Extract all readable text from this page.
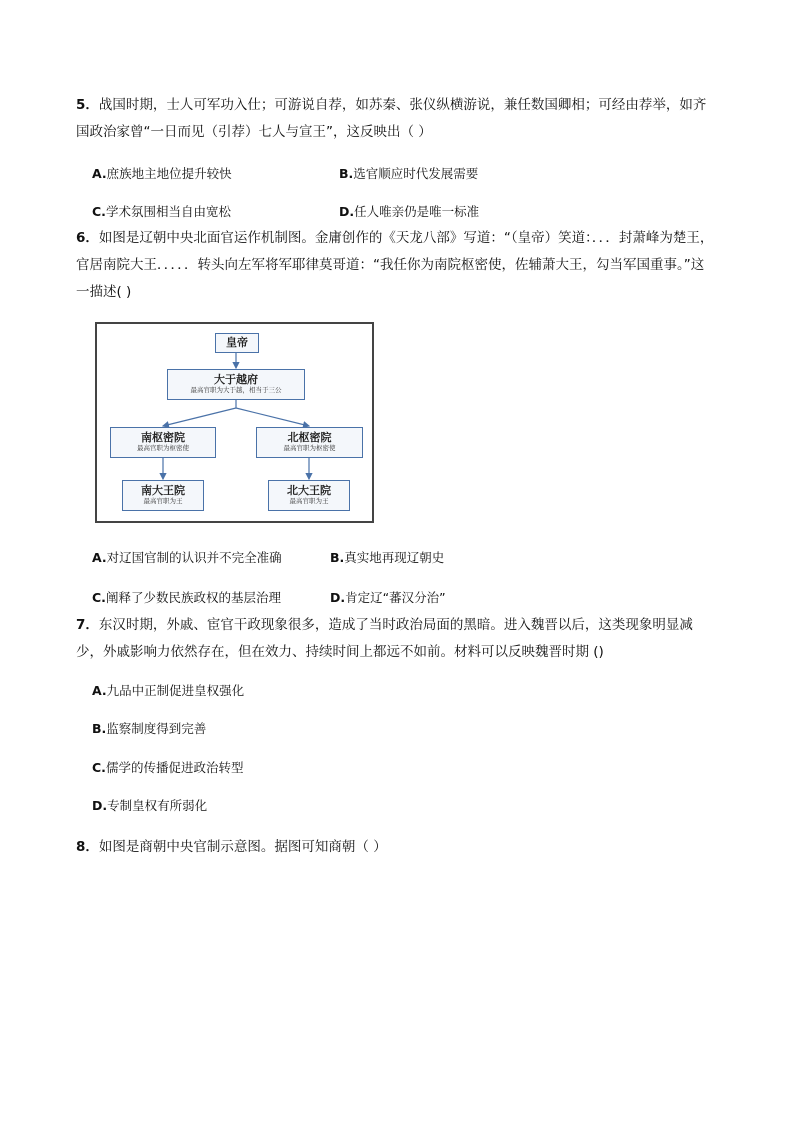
5．战国时期，士人可军功入仕；可游说自荐，如苏秦、张仪纵横游说，兼任数国卿相；可经由荐举，如齐国政治家曾“一日而见（引荐）七人与宣王”，这反映出（ ）
A.庶族地主地位提升较快	B.选官顺应时代发展需要
C.学术氛围相当自由宽松	D.任人唯亲仍是唯一标准
6．如图是辽朝中央北面官运作机制图。金庸创作的《天龙八部》写道：“（皇帝）笑道：．．．封萧峰为楚王，官居南院大王．．．．．转头向左军将军耶律莫哥道：“我任你为南院枢密使，佐辅萧大王，勾当军国重事。”这一描述( )
皇帝
大于越府
最高官职为大于越，相当于三公
南枢密院
最高官职为枢密使
北枢密院
最高官职为枢密使
南大王院
最高官职为王
北大王院
最高官职为王
A.对辽国官制的认识并不完全准确	B.真实地再现辽朝史
C.阐释了少数民族政权的基层治理	D.肯定辽“蕃汉分治”
7．东汉时期，外戚、宦官干政现象很多，造成了当时政治局面的黑暗。进入魏晋以后，这类现象明显减少，外戚影响力依然存在，但在效力、持续时间上都远不如前。材料可以反映魏晋时期 ()
A.九品中正制促进皇权强化
B.监察制度得到完善
C.儒学的传播促进政治转型
D.专制皇权有所弱化
8．如图是商朝中央官制示意图。据图可知商朝（ ）
